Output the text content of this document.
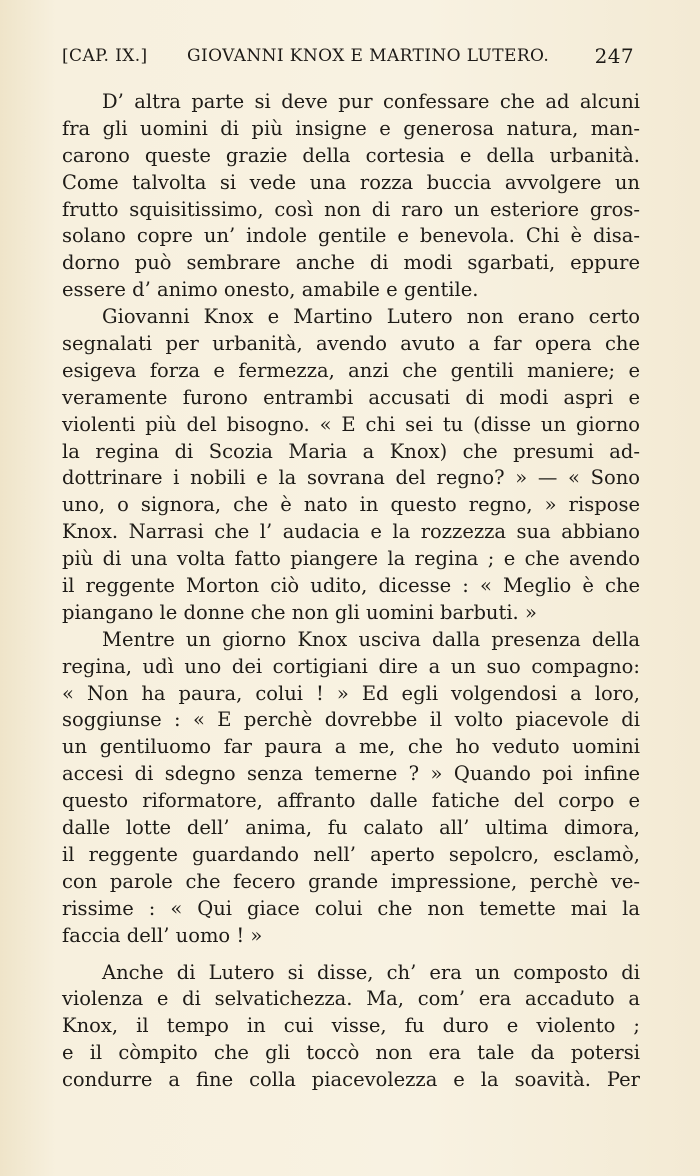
[CAP. IX.] GIOVANNI KNOX E MARTINO LUTERO. 247
D’ altra parte si deve pur confessare che ad alcuni
fra gli uomini di più insigne e generosa natura, man-
carono queste grazie della cortesia e della urbanità.
Come talvolta si vede una rozza buccia avvolgere un
frutto squisitissimo, così non di raro un esteriore gros-
solano copre un’ indole gentile e benevola. Chi è disa-
dorno può sembrare anche di modi sgarbati, eppure
essere d’ animo onesto, amabile e gentile.
Giovanni Knox e Martino Lutero non erano certo
segnalati per urbanità, avendo avuto a far opera che
esigeva forza e fermezza, anzi che gentili maniere; e
veramente furono entrambi accusati di modi aspri e
violenti più del bisogno. « E chi sei tu (disse un giorno
la regina di Scozia Maria a Knox) che presumi ad-
dottrinare i nobili e la sovrana del regno? » — « Sono
uno, o signora, che è nato in questo regno, » rispose
Knox. Narrasi che l’ audacia e la rozzezza sua abbiano
più di una volta fatto piangere la regina ; e che avendo
il reggente Morton ciò udito, dicesse : « Meglio è che
piangano le donne che non gli uomini barbuti. »
Mentre un giorno Knox usciva dalla presenza della
regina, udì uno dei cortigiani dire a un suo compagno:
« Non ha paura, colui ! » Ed egli volgendosi a loro,
soggiunse : « E perchè dovrebbe il volto piacevole di
un gentiluomo far paura a me, che ho veduto uomini
accesi di sdegno senza temerne ? » Quando poi infine
questo riformatore, affranto dalle fatiche del corpo e
dalle lotte dell’ anima, fu calato all’ ultima dimora,
il reggente guardando nell’ aperto sepolcro, esclamò,
con parole che fecero grande impressione, perchè ve-
rissime : « Qui giace colui che non temette mai la
faccia dell’ uomo ! »
Anche di Lutero si disse, ch’ era un composto di
violenza e di selvatichezza. Ma, com’ era accaduto a
Knox, il tempo in cui visse, fu duro e violento ;
e il còmpito che gli toccò non era tale da potersi
condurre a fine colla piacevolezza e la soavità. Per
